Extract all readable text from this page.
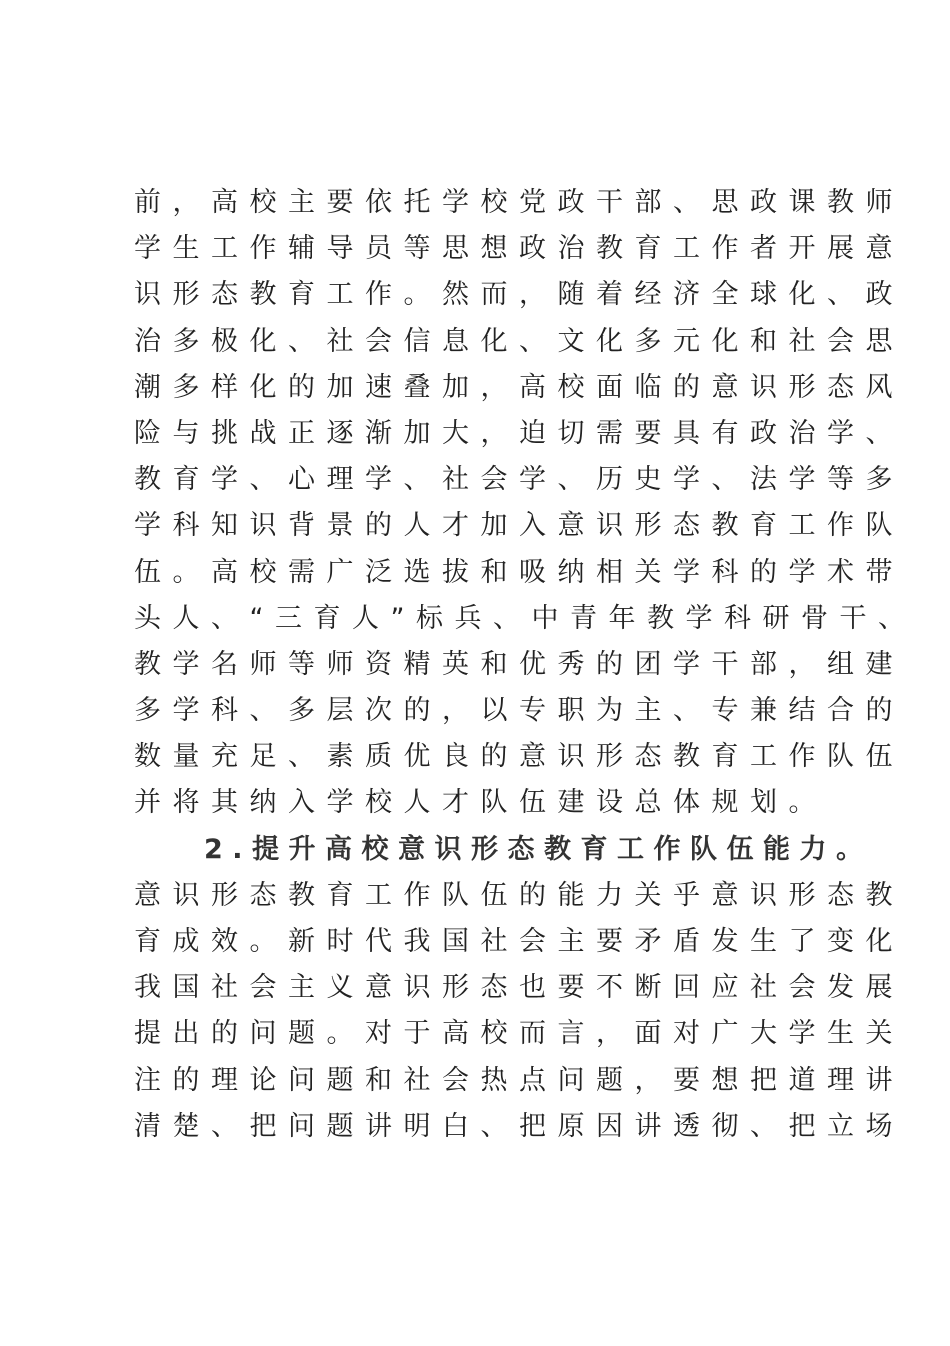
前，高校主要依托学校党政干部、思政课教师
学生工作辅导员等思想政治教育工作者开展意
识形态教育工作。然而，随着经济全球化、政
治多极化、社会信息化、文化多元化和社会思
潮多样化的加速叠加，高校面临的意识形态风
险与挑战正逐渐加大，迫切需要具有政治学、
教育学、心理学、社会学、历史学、法学等多
学科知识背景的人才加入意识形态教育工作队
伍。高校需广泛选拔和吸纳相关学科的学术带
头人、“三育人”标兵、中青年教学科研骨干、
教学名师等师资精英和优秀的团学干部，组建
多学科、多层次的，以专职为主、专兼结合的
数量充足、素质优良的意识形态教育工作队伍
并将其纳入学校人才队伍建设总体规划。
2.提升高校意识形态教育工作队伍能力。
意识形态教育工作队伍的能力关乎意识形态教
育成效。新时代我国社会主要矛盾发生了变化
我国社会主义意识形态也要不断回应社会发展
提出的问题。对于高校而言，面对广大学生关
注的理论问题和社会热点问题，要想把道理讲
清楚、把问题讲明白、把原因讲透彻、把立场
